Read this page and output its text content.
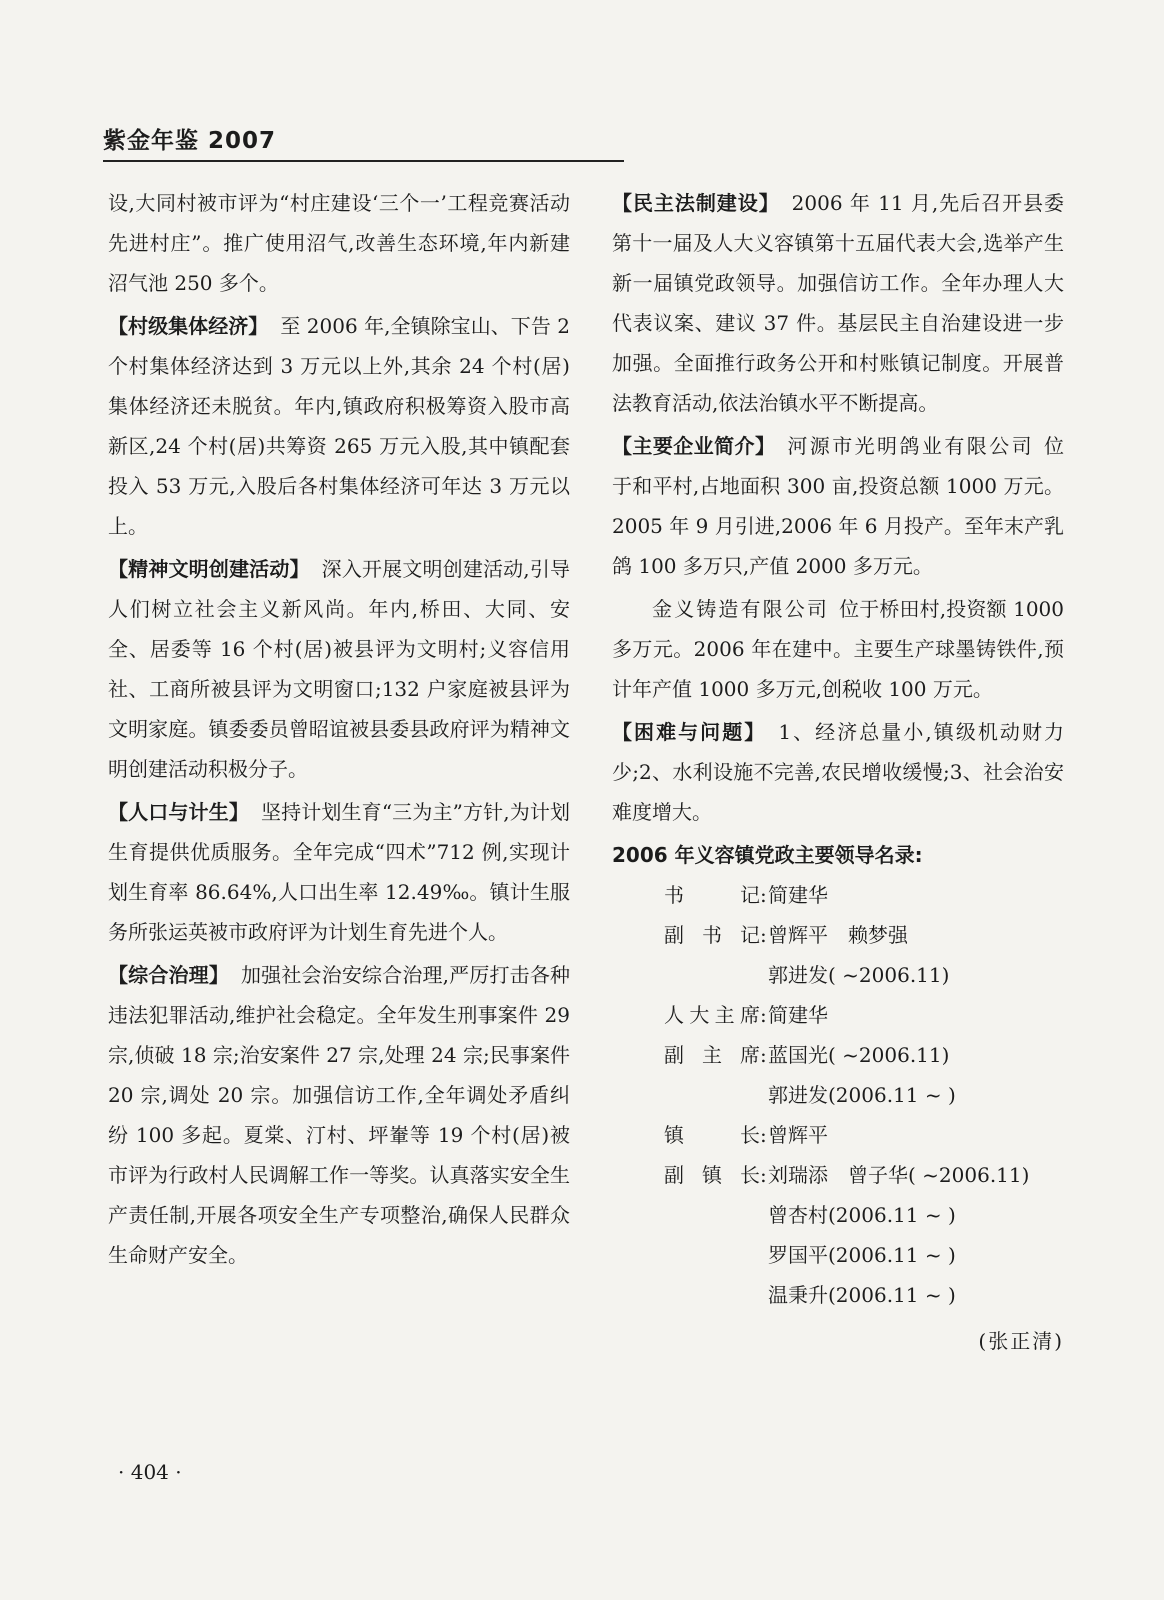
紫金年鉴 2007

设,大同村被市评为“村庄建设‘三个一’工程竞赛活动先进村庄”。推广使用沼气,改善生态环境,年内新建沼气池 250 多个。

【村级集体经济】 至 2006 年,全镇除宝山、下告 2 个村集体经济达到 3 万元以上外,其余 24 个村(居)集体经济还未脱贫。年内,镇政府积极筹资入股市高新区,24 个村(居)共筹资 265 万元入股,其中镇配套投入 53 万元,入股后各村集体经济可年达 3 万元以上。

【精神文明创建活动】 深入开展文明创建活动,引导人们树立社会主义新风尚。年内,桥田、大同、安全、居委等 16 个村(居)被县评为文明村;义容信用社、工商所被县评为文明窗口;132 户家庭被县评为文明家庭。镇委委员曾昭谊被县委县政府评为精神文明创建活动积极分子。

【人口与计生】 坚持计划生育“三为主”方针,为计划生育提供优质服务。全年完成“四术”712 例,实现计划生育率 86.64%,人口出生率 12.49‰。镇计生服务所张运英被市政府评为计划生育先进个人。

【综合治理】 加强社会治安综合治理,严厉打击各种违法犯罪活动,维护社会稳定。全年发生刑事案件 29 宗,侦破 18 宗;治安案件 27 宗,处理 24 宗;民事案件 20 宗,调处 20 宗。加强信访工作,全年调处矛盾纠纷 100 多起。夏棠、汀村、坪輋等 19 个村(居)被市评为行政村人民调解工作一等奖。认真落实安全生产责任制,开展各项安全生产专项整治,确保人民群众生命财产安全。

【民主法制建设】 2006 年 11 月,先后召开县委第十一届及人大义容镇第十五届代表大会,选举产生新一届镇党政领导。加强信访工作。全年办理人大代表议案、建议 37 件。基层民主自治建设进一步加强。全面推行政务公开和村账镇记制度。开展普法教育活动,依法治镇水平不断提高。

【主要企业简介】 河源市光明鸽业有限公司 位于和平村,占地面积 300 亩,投资总额 1000 万元。2005 年 9 月引进,2006 年 6 月投产。至年末产乳鸽 100 多万只,产值 2000 多万元。

金义铸造有限公司 位于桥田村,投资额 1000 多万元。2006 年在建中。主要生产球墨铸铁件,预计年产值 1000 多万元,创税收 100 万元。

【困难与问题】 1、经济总量小,镇级机动财力少;2、水利设施不完善,农民增收缓慢;3、社会治安难度增大。

2006 年义容镇党政主要领导名录:
书记:简建华
副书记:曾辉平　赖梦强
郭进发( ~2006.11)
人大主席:简建华
副主席:蓝国光( ~2006.11)
郭进发(2006.11 ~ )
镇长:曾辉平
副镇长:刘瑞添　曾子华( ~2006.11)
曾杏村(2006.11 ~ )
罗国平(2006.11 ~ )
温秉升(2006.11 ~ )
(张正清)
· 404 ·
